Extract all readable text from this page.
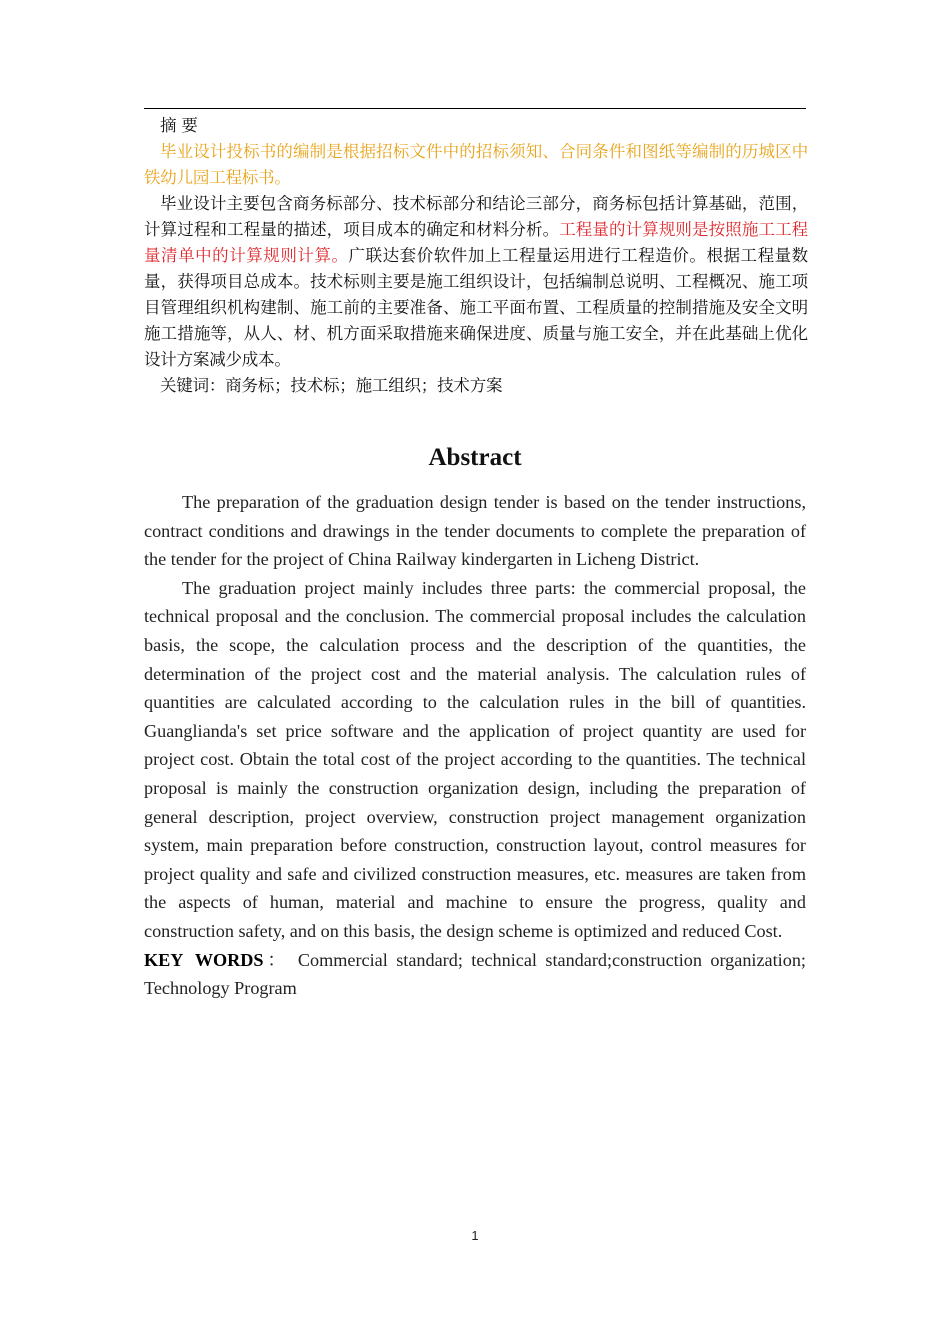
摘 要

毕业设计投标书的编制是根据招标文件中的招标须知、合同条件和图纸等编制的历城区中铁幼儿园工程标书。

毕业设计主要包含商务标部分、技术标部分和结论三部分，商务标包括计算基础，范围，计算过程和工程量的描述，项目成本的确定和材料分析。工程量的计算规则是按照施工工程量清单中的计算规则计算。广联达套价软件加上工程量运用进行工程造价。根据工程量数量，获得项目总成本。技术标则主要是施工组织设计，包括编制总说明、工程概况、施工项目管理组织机构建制、施工前的主要准备、施工平面布置、工程质量的控制措施及安全文明施工措施等，从人、材、机方面采取措施来确保进度、质量与施工安全，并在此基础上优化设计方案减少成本。

关键词：商务标；技术标；施工组织；技术方案

Abstract

The preparation of the graduation design tender is based on the tender instructions, contract conditions and drawings in the tender documents to complete the preparation of the tender for the project of China Railway kindergarten in Licheng District.

The graduation project mainly includes three parts: the commercial proposal, the technical proposal and the conclusion. The commercial proposal includes the calculation basis, the scope, the calculation process and the description of the quantities, the determination of the project cost and the material analysis. The calculation rules of quantities are calculated according to the calculation rules in the bill of quantities. Guanglianda's set price software and the application of project quantity are used for project cost. Obtain the total cost of the project according to the quantities. The technical proposal is mainly the construction organization design, including the preparation of general description, project overview, construction project management organization system, main preparation before construction, construction layout, control measures for project quality and safe and civilized construction measures, etc. measures are taken from the aspects of human, material and machine to ensure the progress, quality and construction safety, and on this basis, the design scheme is optimized and reduced Cost.

KEY WORDS： Commercial standard; technical standard;construction organization; Technology Program

1
